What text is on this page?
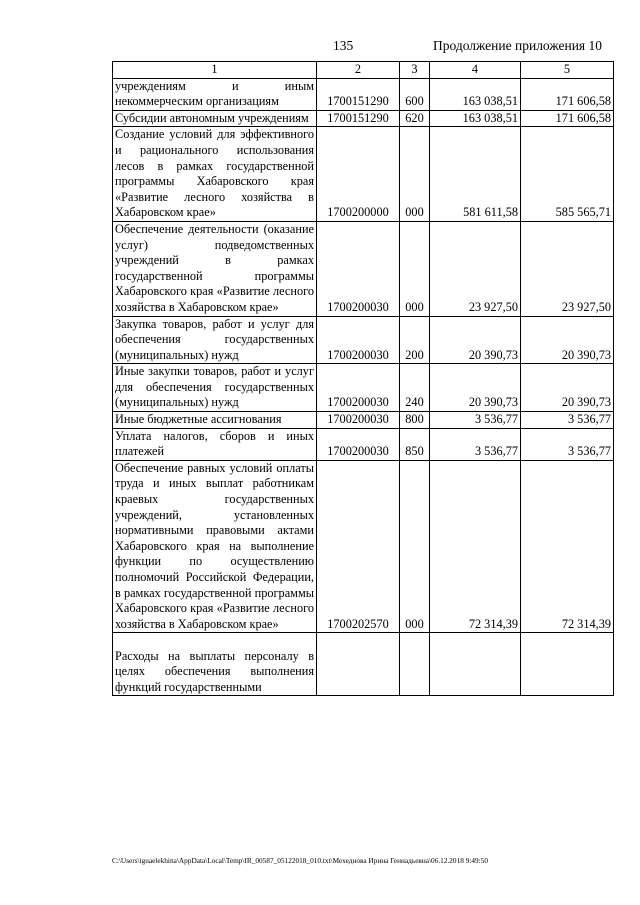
135	Продолжение приложения 10
1	2	3	4	5
учреждениям и иным некоммерческим организациям	1700151290	600	163 038,51	171 606,58
Субсидии автономным учреждениям	1700151290	620	163 038,51	171 606,58
Создание условий для эффективного и рационального использования лесов в рамках государственной программы Хабаровского края «Развитие лесного хозяйства в Хабаровском крае»	1700200000	000	581 611,58	585 565,71
Обеспечение деятельности (оказание услуг) подведомственных учреждений в рамках государственной программы Хабаровского края «Развитие лесного хозяйства в Хабаровском крае»	1700200030	000	23 927,50	23 927,50
Закупка товаров, работ и услуг для обеспечения государственных (муниципальных) нужд	1700200030	200	20 390,73	20 390,73
Иные закупки товаров, работ и услуг для обеспечения государственных (муниципальных) нужд	1700200030	240	20 390,73	20 390,73
Иные бюджетные ассигнования	1700200030	800	3 536,77	3 536,77
Уплата налогов, сборов и иных платежей	1700200030	850	3 536,77	3 536,77
Обеспечение равных условий оплаты труда и иных выплат работникам краевых государственных учреждений, установленных нормативными правовыми актами Хабаровского края на выполнение функции по осуществлению полномочий Российской Федерации, в рамках государственной программы Хабаровского края «Развитие лесного хозяйства в Хабаровском крае»	1700202570	000	72 314,39	72 314,39
Расходы на выплаты персоналу в целях обеспечения выполнения функций государственными				
C:\Users\iguaelekhina\AppData\Local\Temp\IR_00587_05122018_010.txt\Мехеднова Ирина Геннадьевна\06.12.2018 9:49:50
